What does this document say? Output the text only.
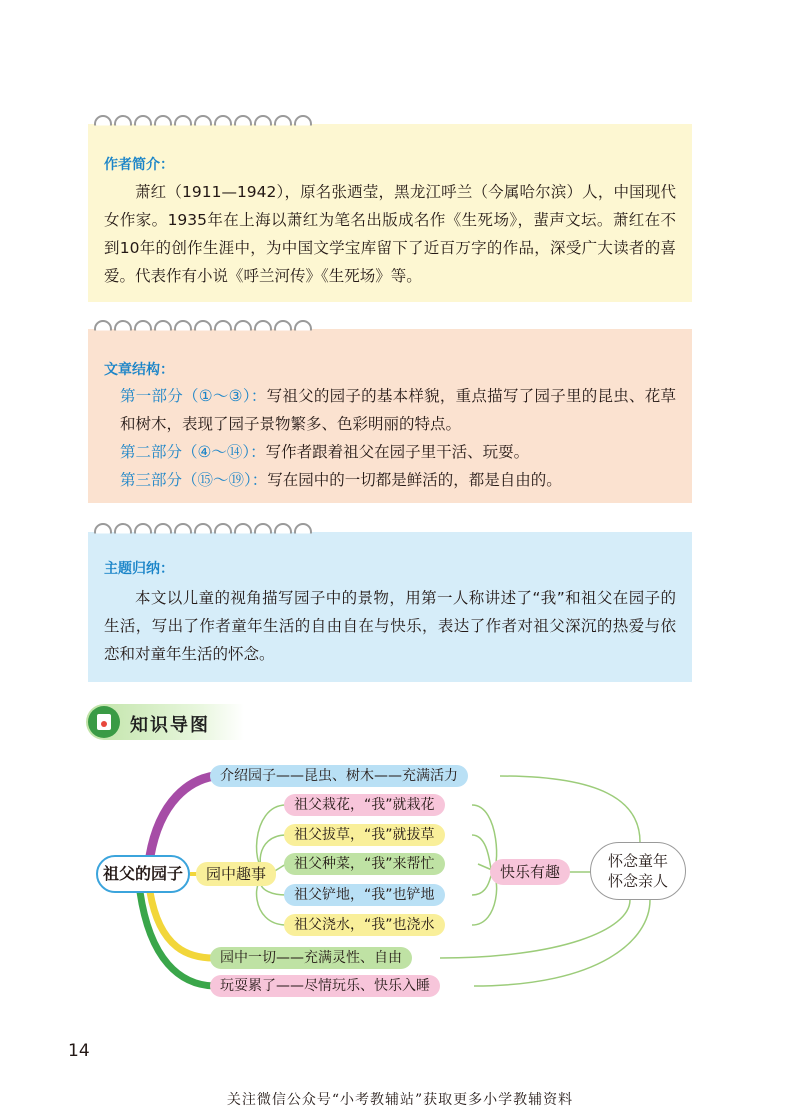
作者简介：
萧红（1911—1942），原名张迺莹，黑龙江呼兰（今属哈尔滨）人，中国现代女作家。1935年在上海以萧红为笔名出版成名作《生死场》，蜚声文坛。萧红在不到10年的创作生涯中，为中国文学宝库留下了近百万字的作品，深受广大读者的喜爱。代表作有小说《呼兰河传》《生死场》等。
文章结构：
第一部分（①～③）：写祖父的园子的基本样貌，重点描写了园子里的昆虫、花草和树木，表现了园子景物繁多、色彩明丽的特点。
第二部分（④～⑭）：写作者跟着祖父在园子里干活、玩耍。
第三部分（⑮～⑲）：写在园中的一切都是鲜活的，都是自由的。
主题归纳：
本文以儿童的视角描写园子中的景物，用第一人称讲述了“我”和祖父在园子的生活，写出了作者童年生活的自由自在与快乐，表达了作者对祖父深沉的热爱与依恋和对童年生活的怀念。
知识导图
祖父的园子
介绍园子——昆虫、树木——充满活力
园中趣事
祖父栽花，“我”就栽花
祖父拔草，“我”就拔草
祖父种菜，“我”来帮忙
祖父铲地，“我”也铲地
祖父浇水，“我”也浇水
快乐有趣
怀念童年
怀念亲人
园中一切——充满灵性、自由
玩耍累了——尽情玩乐、快乐入睡
14
关注微信公众号“小考教辅站”获取更多小学教辅资料
